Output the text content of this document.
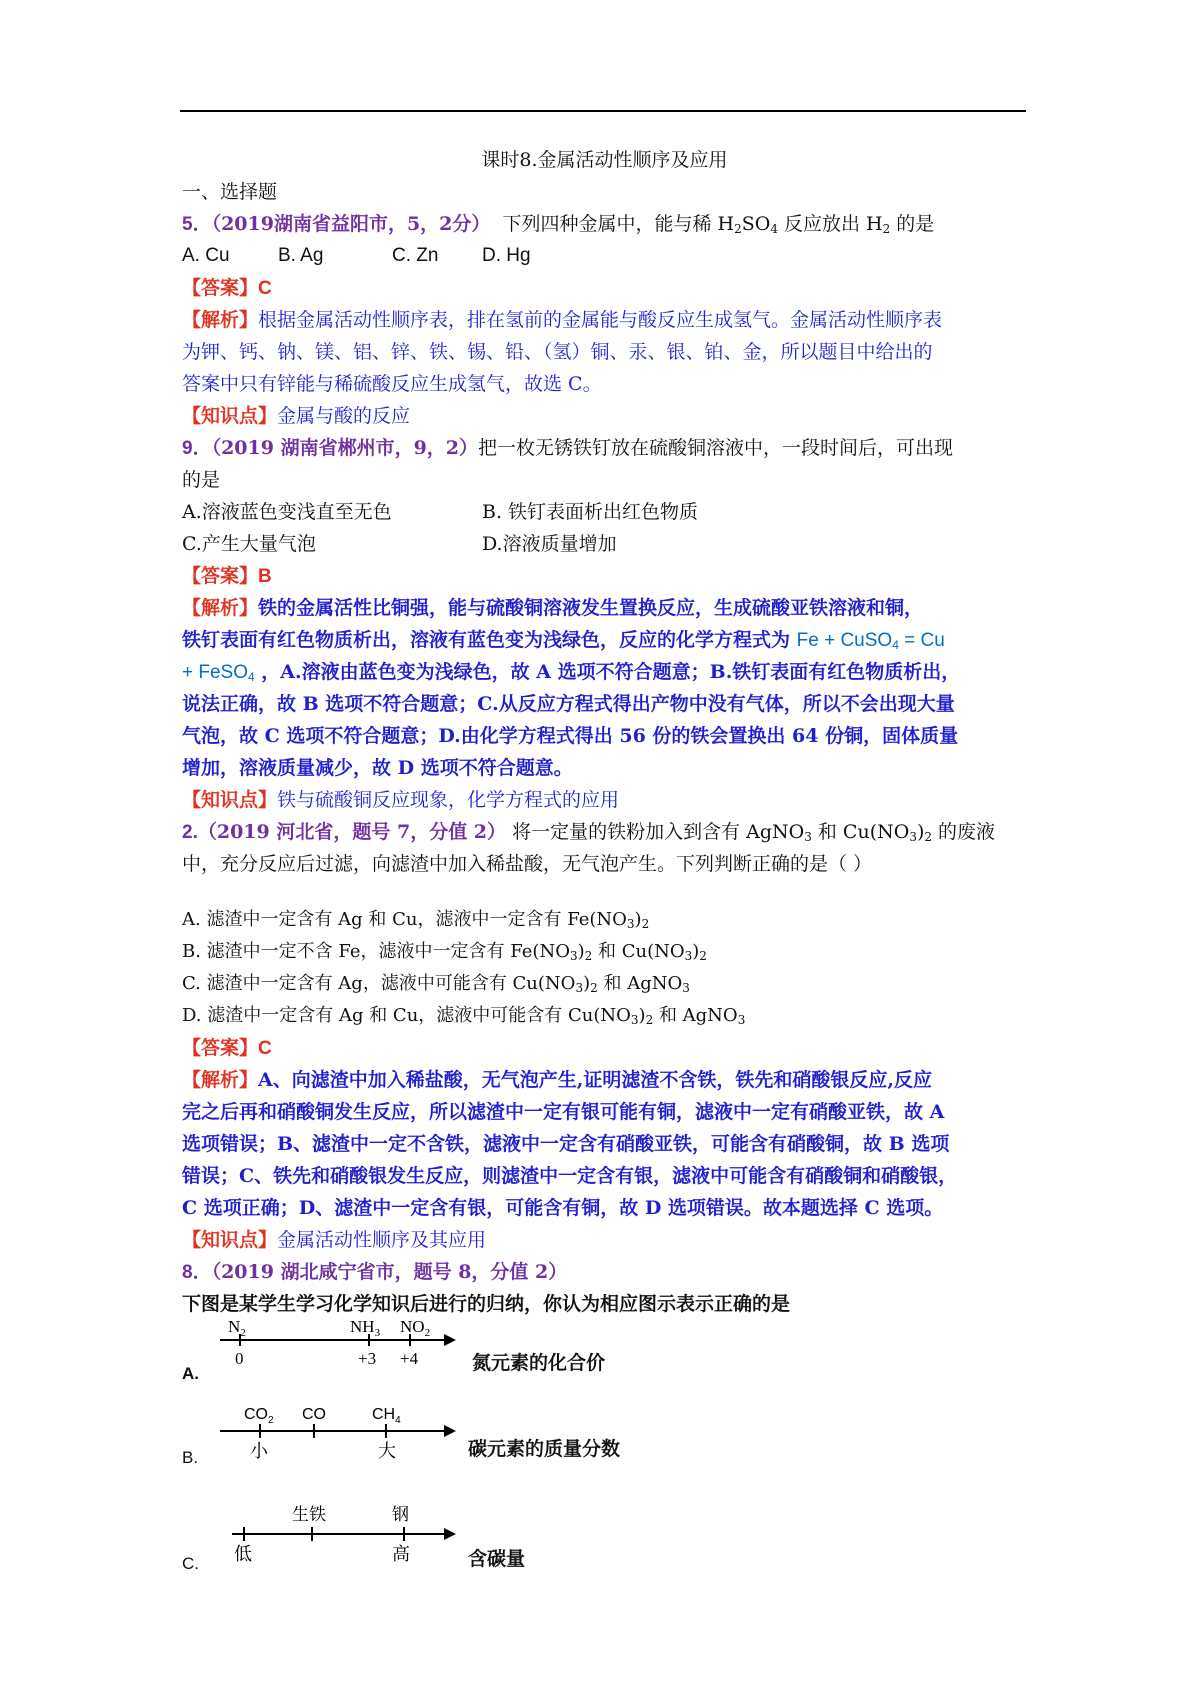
课时8.金属活动性顺序及应用
一、选择题
5．（2019湖南省益阳市，5，2分） 下列四种金属中，能与稀 $H_2SO_4$ 反应放出 $H_2$ 的是
A. Cu	B. Ag	C. Zn D. Hg
【答案】C
【解析】根据金属活动性顺序表，排在氢前的金属能与酸反应生成氢气。金属活动性顺序表
为钾、钙、钠、镁、铝、锌、铁、锡、铅、（氢）铜、汞、银、铂、金，所以题目中给出的
答案中只有锌能与稀硫酸反应生成氢气，故选 C。
【知识点】金属与酸的反应
9．（2019 湖南省郴州市，9，2）把一枚无锈铁钉放在硫酸铜溶液中，一段时间后，可出现
的是
A.溶液蓝色变浅直至无色	B. 铁钉表面析出红色物质
C.产生大量气泡	D.溶液质量增加
【答案】B
【解析】铁的金属活性比铜强，能与硫酸铜溶液发生置换反应，生成硫酸亚铁溶液和铜，
铁钉表面有红色物质析出，溶液有蓝色变为浅绿色，反应的化学方程式为 Fe + CuSO$_4$ = Cu
+ FeSO$_4$ ，A.溶液由蓝色变为浅绿色，故 A 选项不符合题意；B.铁钉表面有红色物质析出，
说法正确，故 B 选项不符合题意；C.从反应方程式得出产物中没有气体，所以不会出现大量
气泡，故 C 选项不符合题意；D.由化学方程式得出 56 份的铁会置换出 64 份铜，固体质量
增加，溶液质量减少，故 D 选项不符合题意。
【知识点】铁与硫酸铜反应现象，化学方程式的应用
2.（2019 河北省，题号 7，分值 2） 将一定量的铁粉加入到含有 AgNO$_3$ 和 $Cu(NO_3)_2$ 的废液
中，充分反应后过滤，向滤渣中加入稀盐酸，无气泡产生。下列判断正确的是（ ）
A. 滤渣中一定含有 Ag 和 Cu，滤液中一定含有 $Fe(NO_3)_2$
B. 滤渣中一定不含 Fe，滤液中一定含有 $Fe(NO_3)_2$ 和 $Cu(NO_3)_2$
C. 滤渣中一定含有 Ag，滤液中可能含有 $Cu(NO_3)_2$ 和 AgNO$_3$
D. 滤渣中一定含有 Ag 和 Cu，滤液中可能含有 $Cu(NO_3)_2$ 和 AgNO$_3$
【答案】C
【解析】A、向滤渣中加入稀盐酸，无气泡产生,证明滤渣不含铁，铁先和硝酸银反应,反应
完之后再和硝酸铜发生反应，所以滤渣中一定有银可能有铜，滤液中一定有硝酸亚铁，故 A
选项错误；B、滤渣中一定不含铁，滤液中一定含有硝酸亚铁，可能含有硝酸铜，故 B 选项
错误；C、铁先和硝酸银发生反应，则滤渣中一定含有银，滤液中可能含有硝酸铜和硝酸银，
C 选项正确；D、滤渣中一定含有银，可能含有铜，故 D 选项错误。故本题选择 C 选项。
【知识点】金属活动性顺序及其应用
8．（2019 湖北咸宁省市，题号 8，分值 2）
下图是某学生学习化学知识后进行的归纳，你认为相应图示表示正确的是
A.
$N_2$	$NH_3$ $NO_2$
0	+3 +4	氮元素的化合价
B.
$CO_2$ CO	$CH_4$
小	大	碳元素的质量分数
C.
生铁	钢
低	高	含碳量
